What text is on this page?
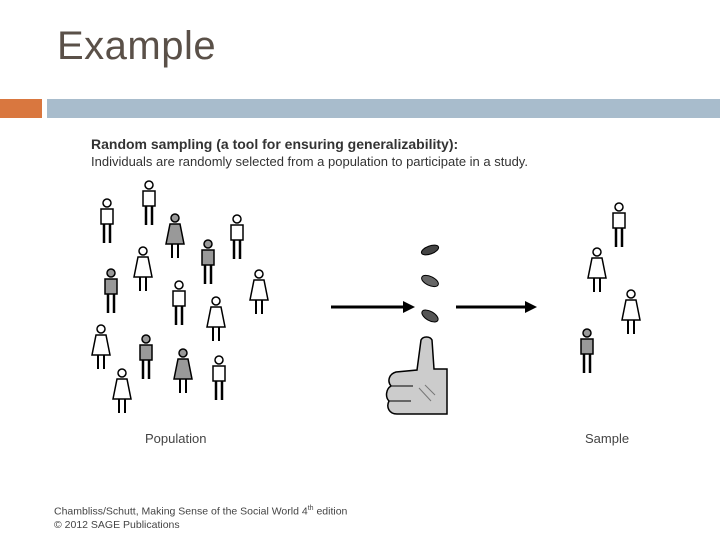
Example
Random sampling (a tool for ensuring generalizability):
Individuals are randomly selected from a population to participate in a study.
Population	Sample
Chambliss/Schutt, Making Sense of the Social World 4th edition
© 2012 SAGE Publications
